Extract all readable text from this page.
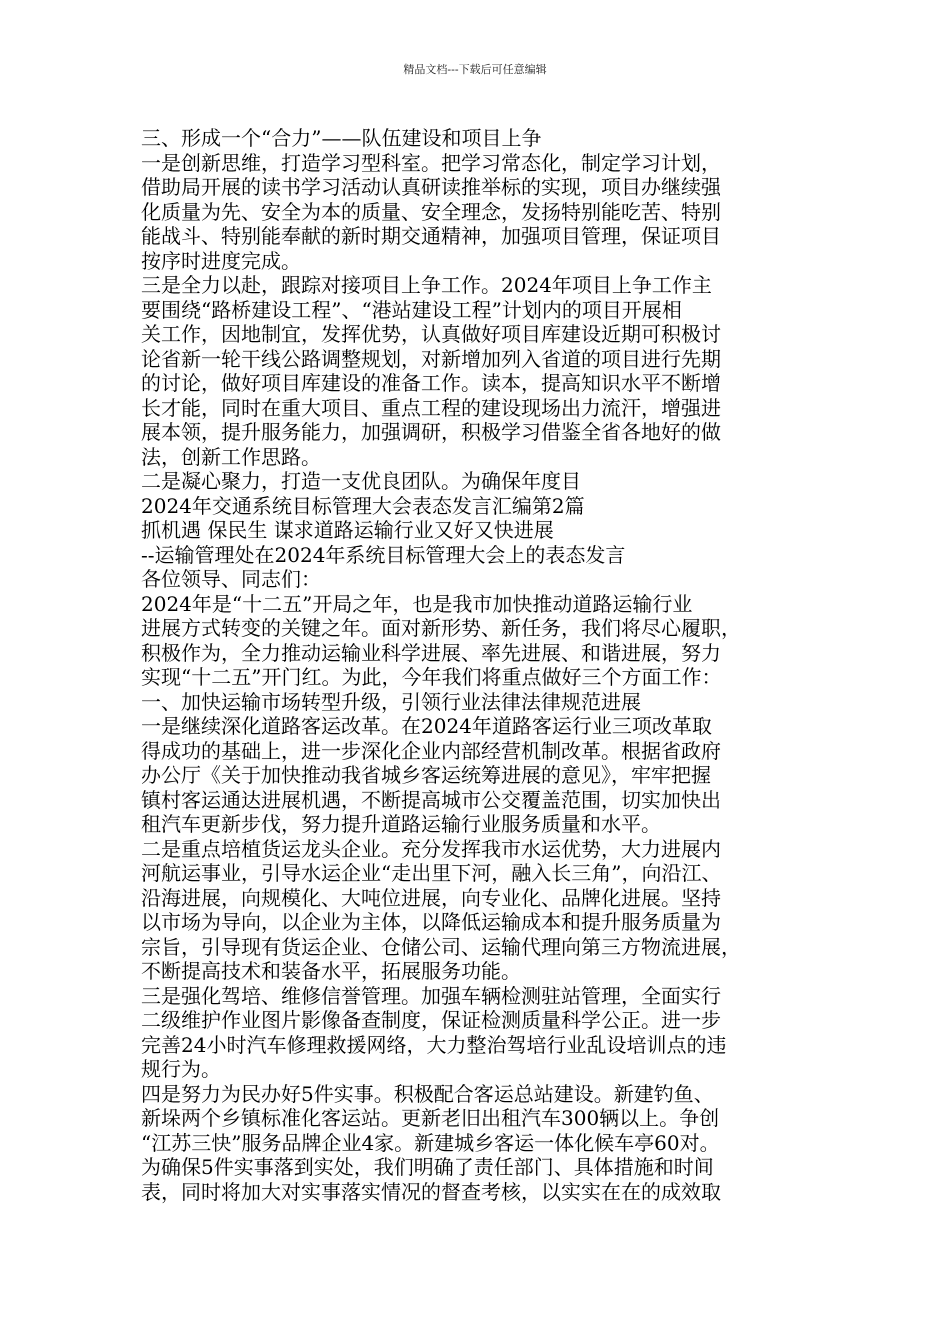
精品文档---下载后可任意编辑
三、形成一个“合力”——队伍建设和项目上争
一是创新思维，打造学习型科室。把学习常态化，制定学习计划，
借助局开展的读书学习活动认真研读推举标的实现，项目办继续强
化质量为先、安全为本的质量、安全理念，发扬特别能吃苦、特别
能战斗、特别能奉献的新时期交通精神，加强项目管理，保证项目
按序时进度完成。
三是全力以赴，跟踪对接项目上争工作。2024年项目上争工作主
要围绕“路桥建设工程”、“港站建设工程”计划内的项目开展相
关工作，因地制宜，发挥优势，认真做好项目库建设近期可积极讨
论省新一轮干线公路调整规划，对新增加列入省道的项目进行先期
的讨论，做好项目库建设的准备工作。读本，提高知识水平不断增
长才能，同时在重大项目、重点工程的建设现场出力流汗，增强进
展本领，提升服务能力，加强调研，积极学习借鉴全省各地好的做
法，创新工作思路。
二是凝心聚力，打造一支优良团队。为确保年度目
2024年交通系统目标管理大会表态发言汇编第2篇
抓机遇 保民生 谋求道路运输行业又好又快进展
--运输管理处在2024年系统目标管理大会上的表态发言
各位领导、同志们：
2024年是“十二五”开局之年，也是我市加快推动道路运输行业
进展方式转变的关键之年。面对新形势、新任务，我们将尽心履职，
积极作为，全力推动运输业科学进展、率先进展、和谐进展，努力
实现“十二五”开门红。为此，今年我们将重点做好三个方面工作：
一、加快运输市场转型升级，引领行业法律法律规范进展
一是继续深化道路客运改革。在2024年道路客运行业三项改革取
得成功的基础上，进一步深化企业内部经营机制改革。根据省政府
办公厅《关于加快推动我省城乡客运统筹进展的意见》，牢牢把握
镇村客运通达进展机遇，不断提高城市公交覆盖范围，切实加快出
租汽车更新步伐，努力提升道路运输行业服务质量和水平。
二是重点培植货运龙头企业。充分发挥我市水运优势，大力进展内
河航运事业，引导水运企业“走出里下河，融入长三角”，向沿江、
沿海进展，向规模化、大吨位进展，向专业化、品牌化进展。坚持
以市场为导向，以企业为主体，以降低运输成本和提升服务质量为
宗旨，引导现有货运企业、仓储公司、运输代理向第三方物流进展，
不断提高技术和装备水平，拓展服务功能。
三是强化驾培、维修信誉管理。加强车辆检测驻站管理，全面实行
二级维护作业图片影像备查制度，保证检测质量科学公正。进一步
完善24小时汽车修理救援网络，大力整治驾培行业乱设培训点的违
规行为。
四是努力为民办好5件实事。积极配合客运总站建设。新建钓鱼、
新垛两个乡镇标准化客运站。更新老旧出租汽车300辆以上。争创
“江苏三快”服务品牌企业4家。新建城乡客运一体化候车亭60对。
为确保5件实事落到实处，我们明确了责任部门、具体措施和时间
表，同时将加大对实事落实情况的督查考核，以实实在在的成效取
